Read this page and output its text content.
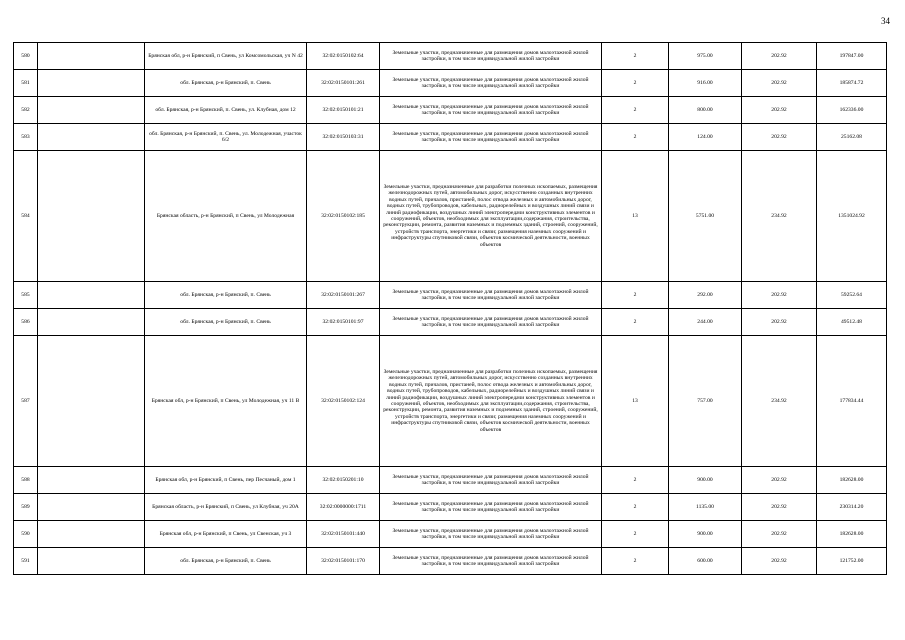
34
580		Брянская обл, р-н Брянский, п Свень, ул Комсомольская, уч N 42	32:02:0150102:64	Земельные участки, предназначенные для размещения домов малоэтажной жилой застройки, в том числе индивидуальной жилой застройки	2	975.00	202.92	197847.00
581		обл. Брянская, р-н Брянский, п. Свень	32:02:0150101:261	Земельные участки, предназначенные для размещения домов малоэтажной жилой застройки, в том числе индивидуальной жилой застройки	2	916.00	202.92	185874.72
582		обл. Брянская, р-н Брянский, п. Свень, ул. Клубная, дом 12	32:02:0150101:21	Земельные участки, предназначенные для размещения домов малоэтажной жилой застройки, в том числе индивидуальной жилой застройки	2	800.00	202.92	162336.00
583		обл. Брянская, р-н Брянский, п. Свень, ул. Молодежная, участок 6/2	32:02:0150103:31	Земельные участки, предназначенные для размещения домов малоэтажной жилой застройки, в том числе индивидуальной жилой застройки	2	124.00	202.92	25162.08
584		Брянская область, р-н Брянский, п Свень, ул Молодежная	32:02:0150102:185	Земельные участки, предназначенные для разработки полезных ископаемых, размещения железнодорожных путей, автомобильных дорог, искусственно созданных внутренних водных путей, причалов, пристаней, полос отвода железных и автомобильных дорог, водных путей, трубопроводов, кабельных, радиорелейных и воздушных линий связи и линий радиофикации, воздушных линий электропередачи конструктивных элементов и сооружений, объектов, необходимых для эксплуатации,содержания, строительства, реконструкции, ремонта, развития наземных и подземных зданий, строений, сооружений, устройств транспорта, энергетики и связи; размещения наземных сооружений и инфраструктуры спутниковой связи, объектов космической деятельности, военных объектов	13	5751.00	234.92	1351024.92
585		обл. Брянская, р-н Брянский, п. Свень	32:02:0150101:267	Земельные участки, предназначенные для размещения домов малоэтажной жилой застройки, в том числе индивидуальной жилой застройки	2	292.00	202.92	59252.64
586		обл. Брянская, р-н Брянский, п. Свень	32:02:0150101:97	Земельные участки, предназначенные для размещения домов малоэтажной жилой застройки, в том числе индивидуальной жилой застройки	2	244.00	202.92	49512.48
587		Брянская обл, р-н Брянский, п Свень, ул Молодежная, уч 11 В	32:02:0150102:124	Земельные участки, предназначенные для разработки полезных ископаемых, размещения железнодорожных путей, автомобильных дорог, искусственно созданных внутренних водных путей, причалов, пристаней, полос отвода железных и автомобильных дорог, водных путей, трубопроводов, кабельных, радиорелейных и воздушных линий связи и линий радиофикации, воздушных линий электропередачи конструктивных элементов и сооружений, объектов, необходимых для эксплуатации,содержания, строительства, реконструкции, ремонта, развития наземных и подземных зданий, строений, сооружений, устройств транспорта, энергетики и связи; размещения наземных сооружений и инфраструктуры спутниковой связи, объектов космической деятельности, военных объектов	13	757.00	234.92	177834.44
588		Брянская обл, р-н Брянский, п Свень, пер Песчаный, дом 1	32:02:0150201:10	Земельные участки, предназначенные для размещения домов малоэтажной жилой застройки, в том числе индивидуальной жилой застройки	2	900.00	202.92	182628.00
589		Брянская область, р-н Брянский, п Свень, ул Клубная, уч 20А	32:02:0000000:1711	Земельные участки, предназначенные для размещения домов малоэтажной жилой застройки, в том числе индивидуальной жилой застройки	2	1135.00	202.92	230314.20
590		Брянская обл, р-н Брянский, п Свень, ул Свенская, уч 3	32:02:0150101:440	Земельные участки, предназначенные для размещения домов малоэтажной жилой застройки, в том числе индивидуальной жилой застройки	2	900.00	202.92	182628.00
591		обл. Брянская, р-н Брянский, п. Свень	32:02:0150101:170	Земельные участки, предназначенные для размещения домов малоэтажной жилой застройки, в том числе индивидуальной жилой застройки	2	600.00	202.92	121752.00
